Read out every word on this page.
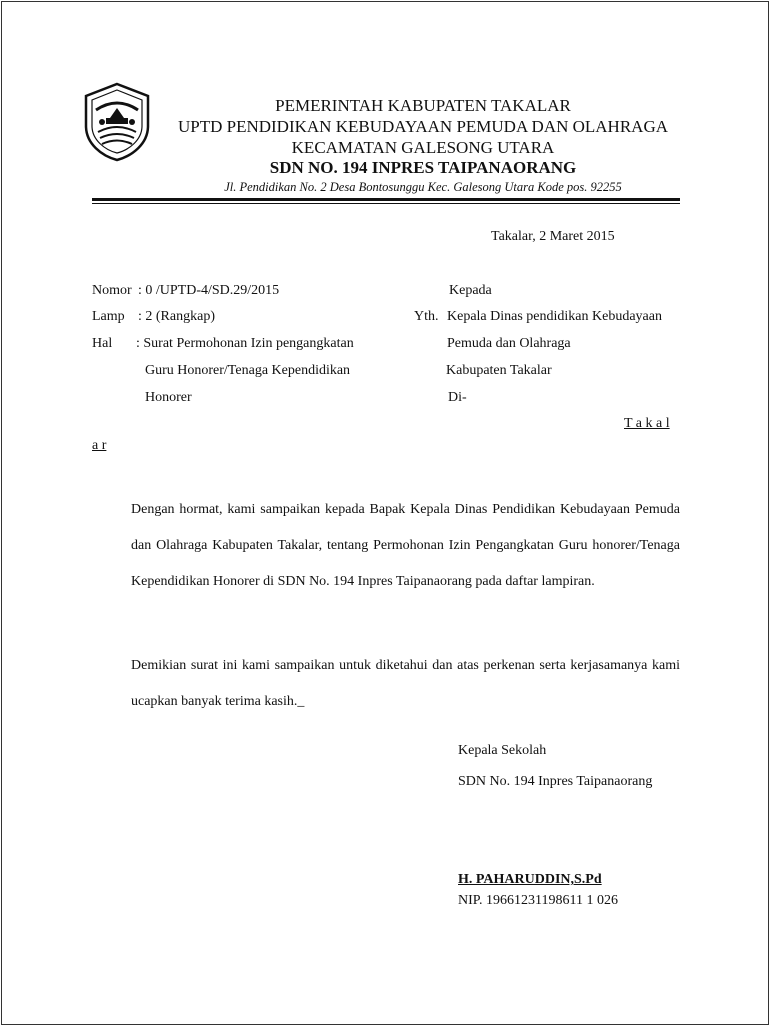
PEMERINTAH KABUPATEN TAKALAR
UPTD PENDIDIKAN KEBUDAYAAN PEMUDA DAN OLAHRAGA
KECAMATAN GALESONG UTARA
SDN NO. 194 INPRES TAIPANAORANG
Jl. Pendidikan No. 2 Desa Bontosunggu Kec. Galesong Utara Kode pos. 92255
Takalar, 2 Maret 2015
Nomor : 0 /UPTD-4/SD.29/2015
Lamp : 2 (Rangkap)
Hal : Surat Permohonan Izin pengangkatan
Guru Honorer/Tenaga Kependidikan
Honorer
Kepada
Yth. Kepala Dinas pendidikan Kebudayaan
Pemuda dan Olahraga
Kabupaten Takalar
Di-
T a k a l
a r
Dengan hormat, kami sampaikan kepada Bapak Kepala Dinas Pendidikan Kebudayaan Pemuda dan Olahraga Kabupaten Takalar, tentang Permohonan Izin Pengangkatan Guru honorer/Tenaga Kependidikan Honorer di SDN No. 194 Inpres Taipanaorang pada daftar lampiran.
Demikian surat ini kami sampaikan untuk diketahui dan atas perkenan serta kerjasamanya kami ucapkan banyak terima kasih._
Kepala Sekolah
SDN No. 194 Inpres Taipanaorang
H. PAHARUDDIN,S.Pd
NIP. 19661231198611 1 026
